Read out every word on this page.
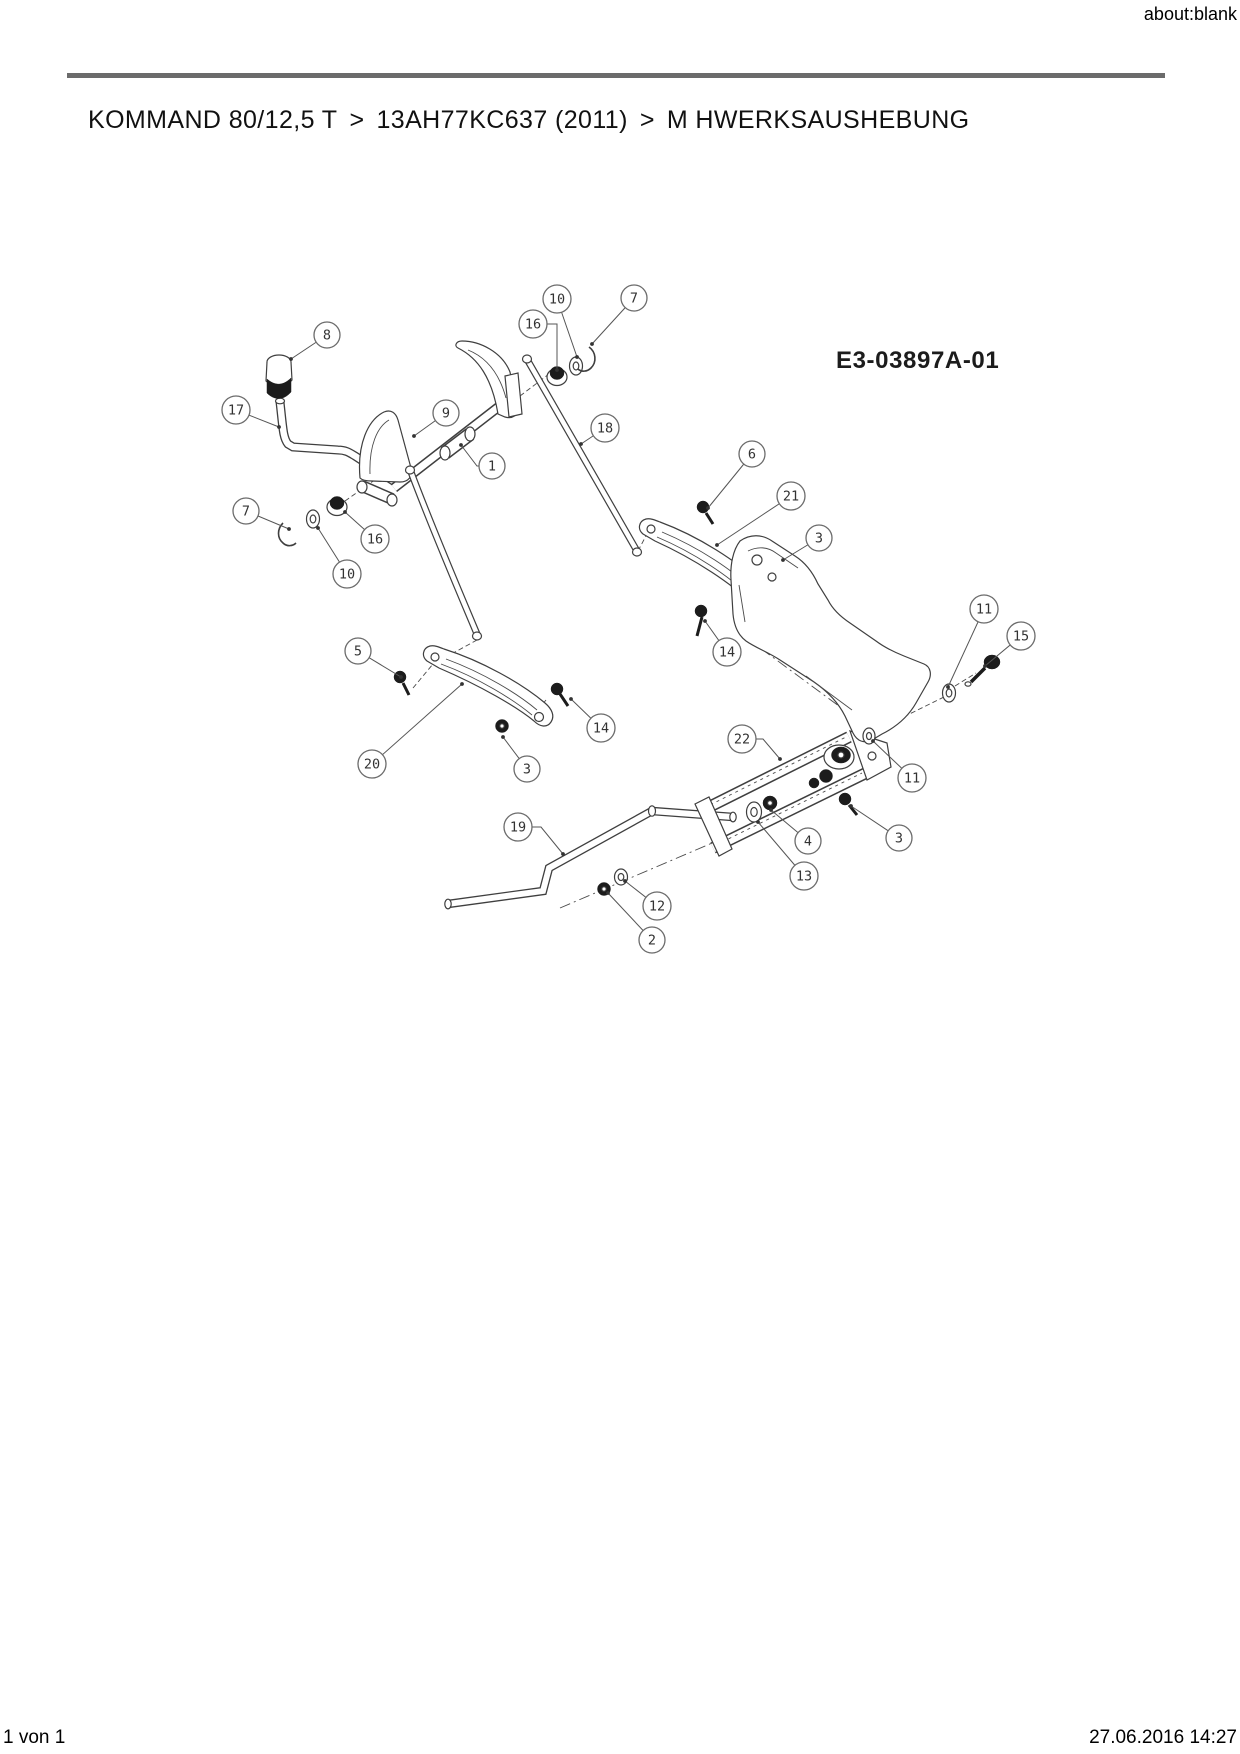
about:blank
KOMMAND 80/12,5 T > 13AH77KC637 (2011) > M HWERKSAUSHEBUNG
E3-03897A-01
8
17	9
16
10	7
1
18
6
21
3
14
11
15
5
14
3
20
22
11
4	3
13
19
12
2
16
10
7
1 von 1	27.06.2016 14:27
